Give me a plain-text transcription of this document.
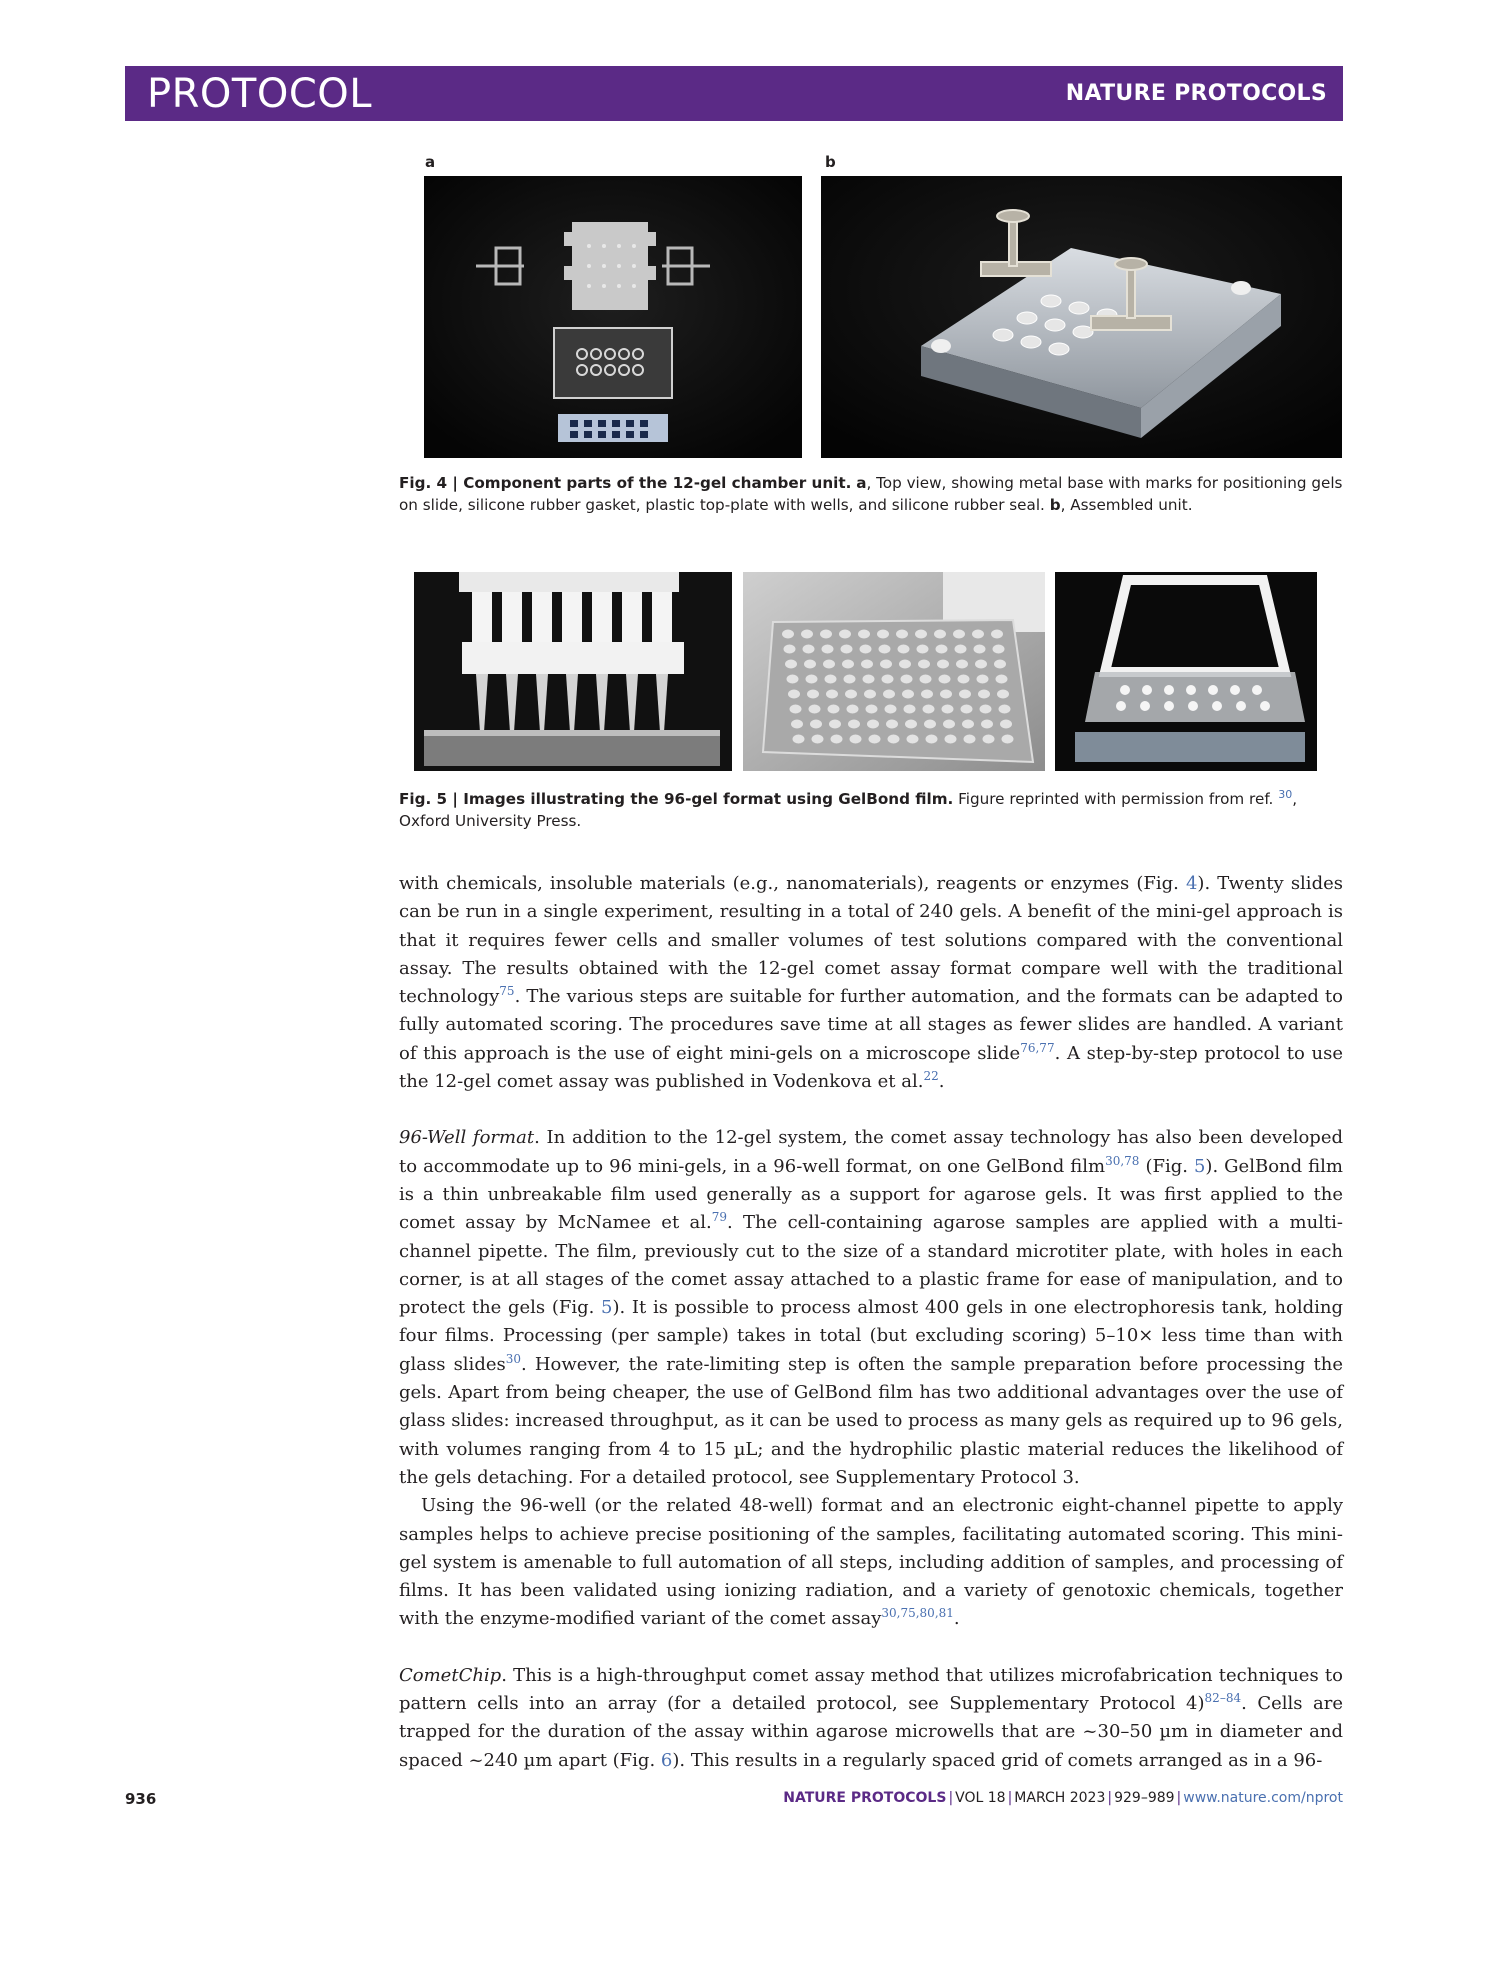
PROTOCOL	NATURE PROTOCOLS
a	b
Fig. 4 | Component parts of the 12-gel chamber unit. a, Top view, showing metal base with marks for positioning gels on slide, silicone rubber gasket, plastic top-plate with wells, and silicone rubber seal. b, Assembled unit.
Fig. 5 | Images illustrating the 96-gel format using GelBond film. Figure reprinted with permission from ref. $^{30}$, Oxford University Press.

with chemicals, insoluble materials (e.g., nanomaterials), reagents or enzymes (Fig. 4). Twenty slides can be run in a single experiment, resulting in a total of 240 gels. A benefit of the mini-gel approach is that it requires fewer cells and smaller volumes of test solutions compared with the conventional assay. The results obtained with the 12-gel comet assay format compare well with the traditional technology$^{75}$. The various steps are suitable for further automation, and the formats can be adapted to fully automated scoring. The procedures save time at all stages as fewer slides are handled. A variant of this approach is the use of eight mini-gels on a microscope slide$^{76,77}$. A step-by-step protocol to use the 12-gel comet assay was published in Vodenkova et al.$^{22}$.

96-Well format. In addition to the 12-gel system, the comet assay technology has also been developed to accommodate up to 96 mini-gels, in a 96-well format, on one GelBond film$^{30,78}$ (Fig. 5). GelBond film is a thin unbreakable film used generally as a support for agarose gels. It was first applied to the comet assay by McNamee et al.$^{79}$. The cell-containing agarose samples are applied with a multi-channel pipette. The film, previously cut to the size of a standard microtiter plate, with holes in each corner, is at all stages of the comet assay attached to a plastic frame for ease of manipulation, and to protect the gels (Fig. 5). It is possible to process almost 400 gels in one electrophoresis tank, holding four films. Processing (per sample) takes in total (but excluding scoring) 5–10× less time than with glass slides$^{30}$. However, the rate-limiting step is often the sample preparation before processing the gels. Apart from being cheaper, the use of GelBond film has two additional advantages over the use of glass slides: increased throughput, as it can be used to process as many gels as required up to 96 gels, with volumes ranging from 4 to 15 µL; and the hydrophilic plastic material reduces the likelihood of the gels detaching. For a detailed protocol, see Supplementary Protocol 3.

Using the 96-well (or the related 48-well) format and an electronic eight-channel pipette to apply samples helps to achieve precise positioning of the samples, facilitating automated scoring. This mini-gel system is amenable to full automation of all steps, including addition of samples, and processing of films. It has been validated using ionizing radiation, and a variety of genotoxic chemicals, together with the enzyme-modified variant of the comet assay$^{30,75,80,81}$.

CometChip. This is a high-throughput comet assay method that utilizes microfabrication techniques to pattern cells into an array (for a detailed protocol, see Supplementary Protocol 4)$^{82-84}$. Cells are trapped for the duration of the assay within agarose microwells that are ~30–50 µm in diameter and spaced ~240 µm apart (Fig. 6). This results in a regularly spaced grid of comets arranged as in a 96-

936	NATURE PROTOCOLS | VOL 18 | MARCH 2023 | 929–989 | www.nature.com/nprot
